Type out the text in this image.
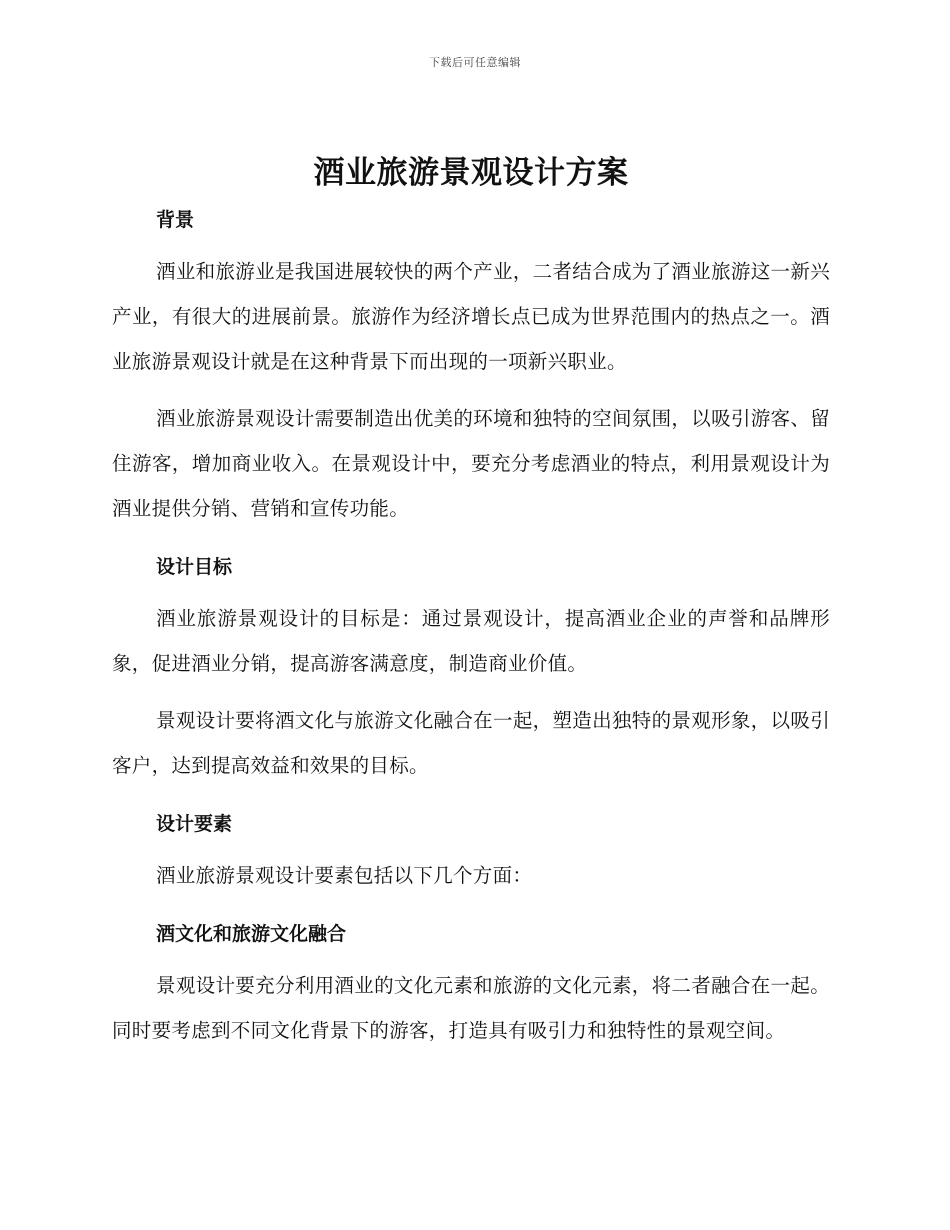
下载后可任意编辑
酒业旅游景观设计方案

背景

酒业和旅游业是我国进展较快的两个产业，二者结合成为了酒业旅游这一新兴产业，有很大的进展前景。旅游作为经济增长点已成为世界范围内的热点之一。酒业旅游景观设计就是在这种背景下而出现的一项新兴职业。

酒业旅游景观设计需要制造出优美的环境和独特的空间氛围，以吸引游客、留住游客，增加商业收入。在景观设计中，要充分考虑酒业的特点，利用景观设计为酒业提供分销、营销和宣传功能。

设计目标

酒业旅游景观设计的目标是：通过景观设计，提高酒业企业的声誉和品牌形象，促进酒业分销，提高游客满意度，制造商业价值。

景观设计要将酒文化与旅游文化融合在一起，塑造出独特的景观形象，以吸引客户，达到提高效益和效果的目标。

设计要素

酒业旅游景观设计要素包括以下几个方面：

酒文化和旅游文化融合

景观设计要充分利用酒业的文化元素和旅游的文化元素，将二者融合在一起。同时要考虑到不同文化背景下的游客，打造具有吸引力和独特性的景观空间。
